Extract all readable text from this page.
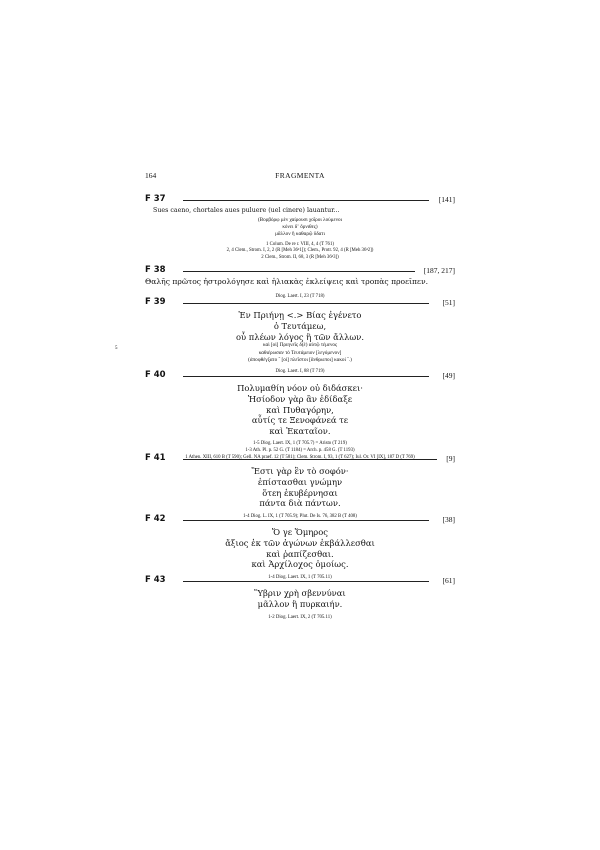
164	FRAGMENTA
F 37	[141]
Sues caeno, chortales aues puluere (uel cinere) lauantur...
(Βορβόρῳ μὲν χαίρουσι χοῖροι λούμενοι
κόνει δʼ ὄρνιθες)
μᾶλλον ἢ καθαρῷ ὕδατι
1 Colum. De re r. VIII, 4, 4 (T 761)
2, 4 Clem., Strom. I, 2, 2 (R [Meh 36³1]); Clem., Protr. 92, 4 (R [Meh 36³2])
2 Clem., Strom. II, 68, 3 (R [Meh 36³3])
F 38	[187, 217]
Θαλῆς πρῶτος ἠστρολόγησε καὶ ἡλιακὰς ἐκλείψεις καὶ τροπὰς προεῖπεν.
Diog. Laert. I, 23 (T 718)
F 39	[51]
Ἐν Πριήνῃ <.> Βίας ἐγένετο
ὁ Τευτάμεω,
οὗ πλέων λόγος ἢ τῶν ἄλλων.
καὶ [οἱ] Πριηνεῖς δ(ὲ) αὐτῷ τέμενος
καθιέρωσαν τὸ Τευτάμειον [λεγόμενον]
(ἀποφθέγξατο ˆ [οἱ] πλεῖστοι [ἄνθρωποι] κακοί ˆ.)
Diog. Laert. I, 88 (T 719)
5
F 40	[49]
Πολυμαθίη νόον οὐ διδάσκει·
Ἡσίοδον γὰρ ἂν ἐδίδαξε
καὶ Πυθαγόρην,
αὖτίς τε Ξενοφάνεά τε
καὶ Ἑκαταῖον.
1-5 Diog. Laert. IX, 1 (T 705.7) = Aristo (T 219)
1-3 Ath. Pl. p. 52 G. (T 1184) = Arch. p. 458 G. (T 1193)
1 Athen. XIII, 610 B (T 590); Gell. NA praef. 12 (T 581); Clem. Strom. I, 93, 1 (T 627); Iul. Or. VI [IX], 187 D (T 769)
F 41	[9]
Ἔστι γὰρ ἓν τὸ σοφόν·
ἐπίστασθαι γνώμην
ὅτεη ἐκυβέρνησαι
πάντα διὰ πάντων.
1-4 Diog. L. IX, 1 (T 705.9); Plut. De Is. 76, 382 B (T 408)
F 42	[38]
Ὅ γε Ὅμηρος
ἄξιος ἐκ τῶν ἀγώνων ἐκβάλλεσθαι
καὶ ῥαπίζεσθαι.
καὶ Ἀρχίλοχος ὁμοίως.
1-4 Diog. Laert. IX, 1 (T 705.11)
F 43	[61]
Ὕβριν χρὴ σβεννύναι
μᾶλλον ἢ πυρκαιήν.
1-2 Diog. Laert. IX, 2 (T 705.11)
